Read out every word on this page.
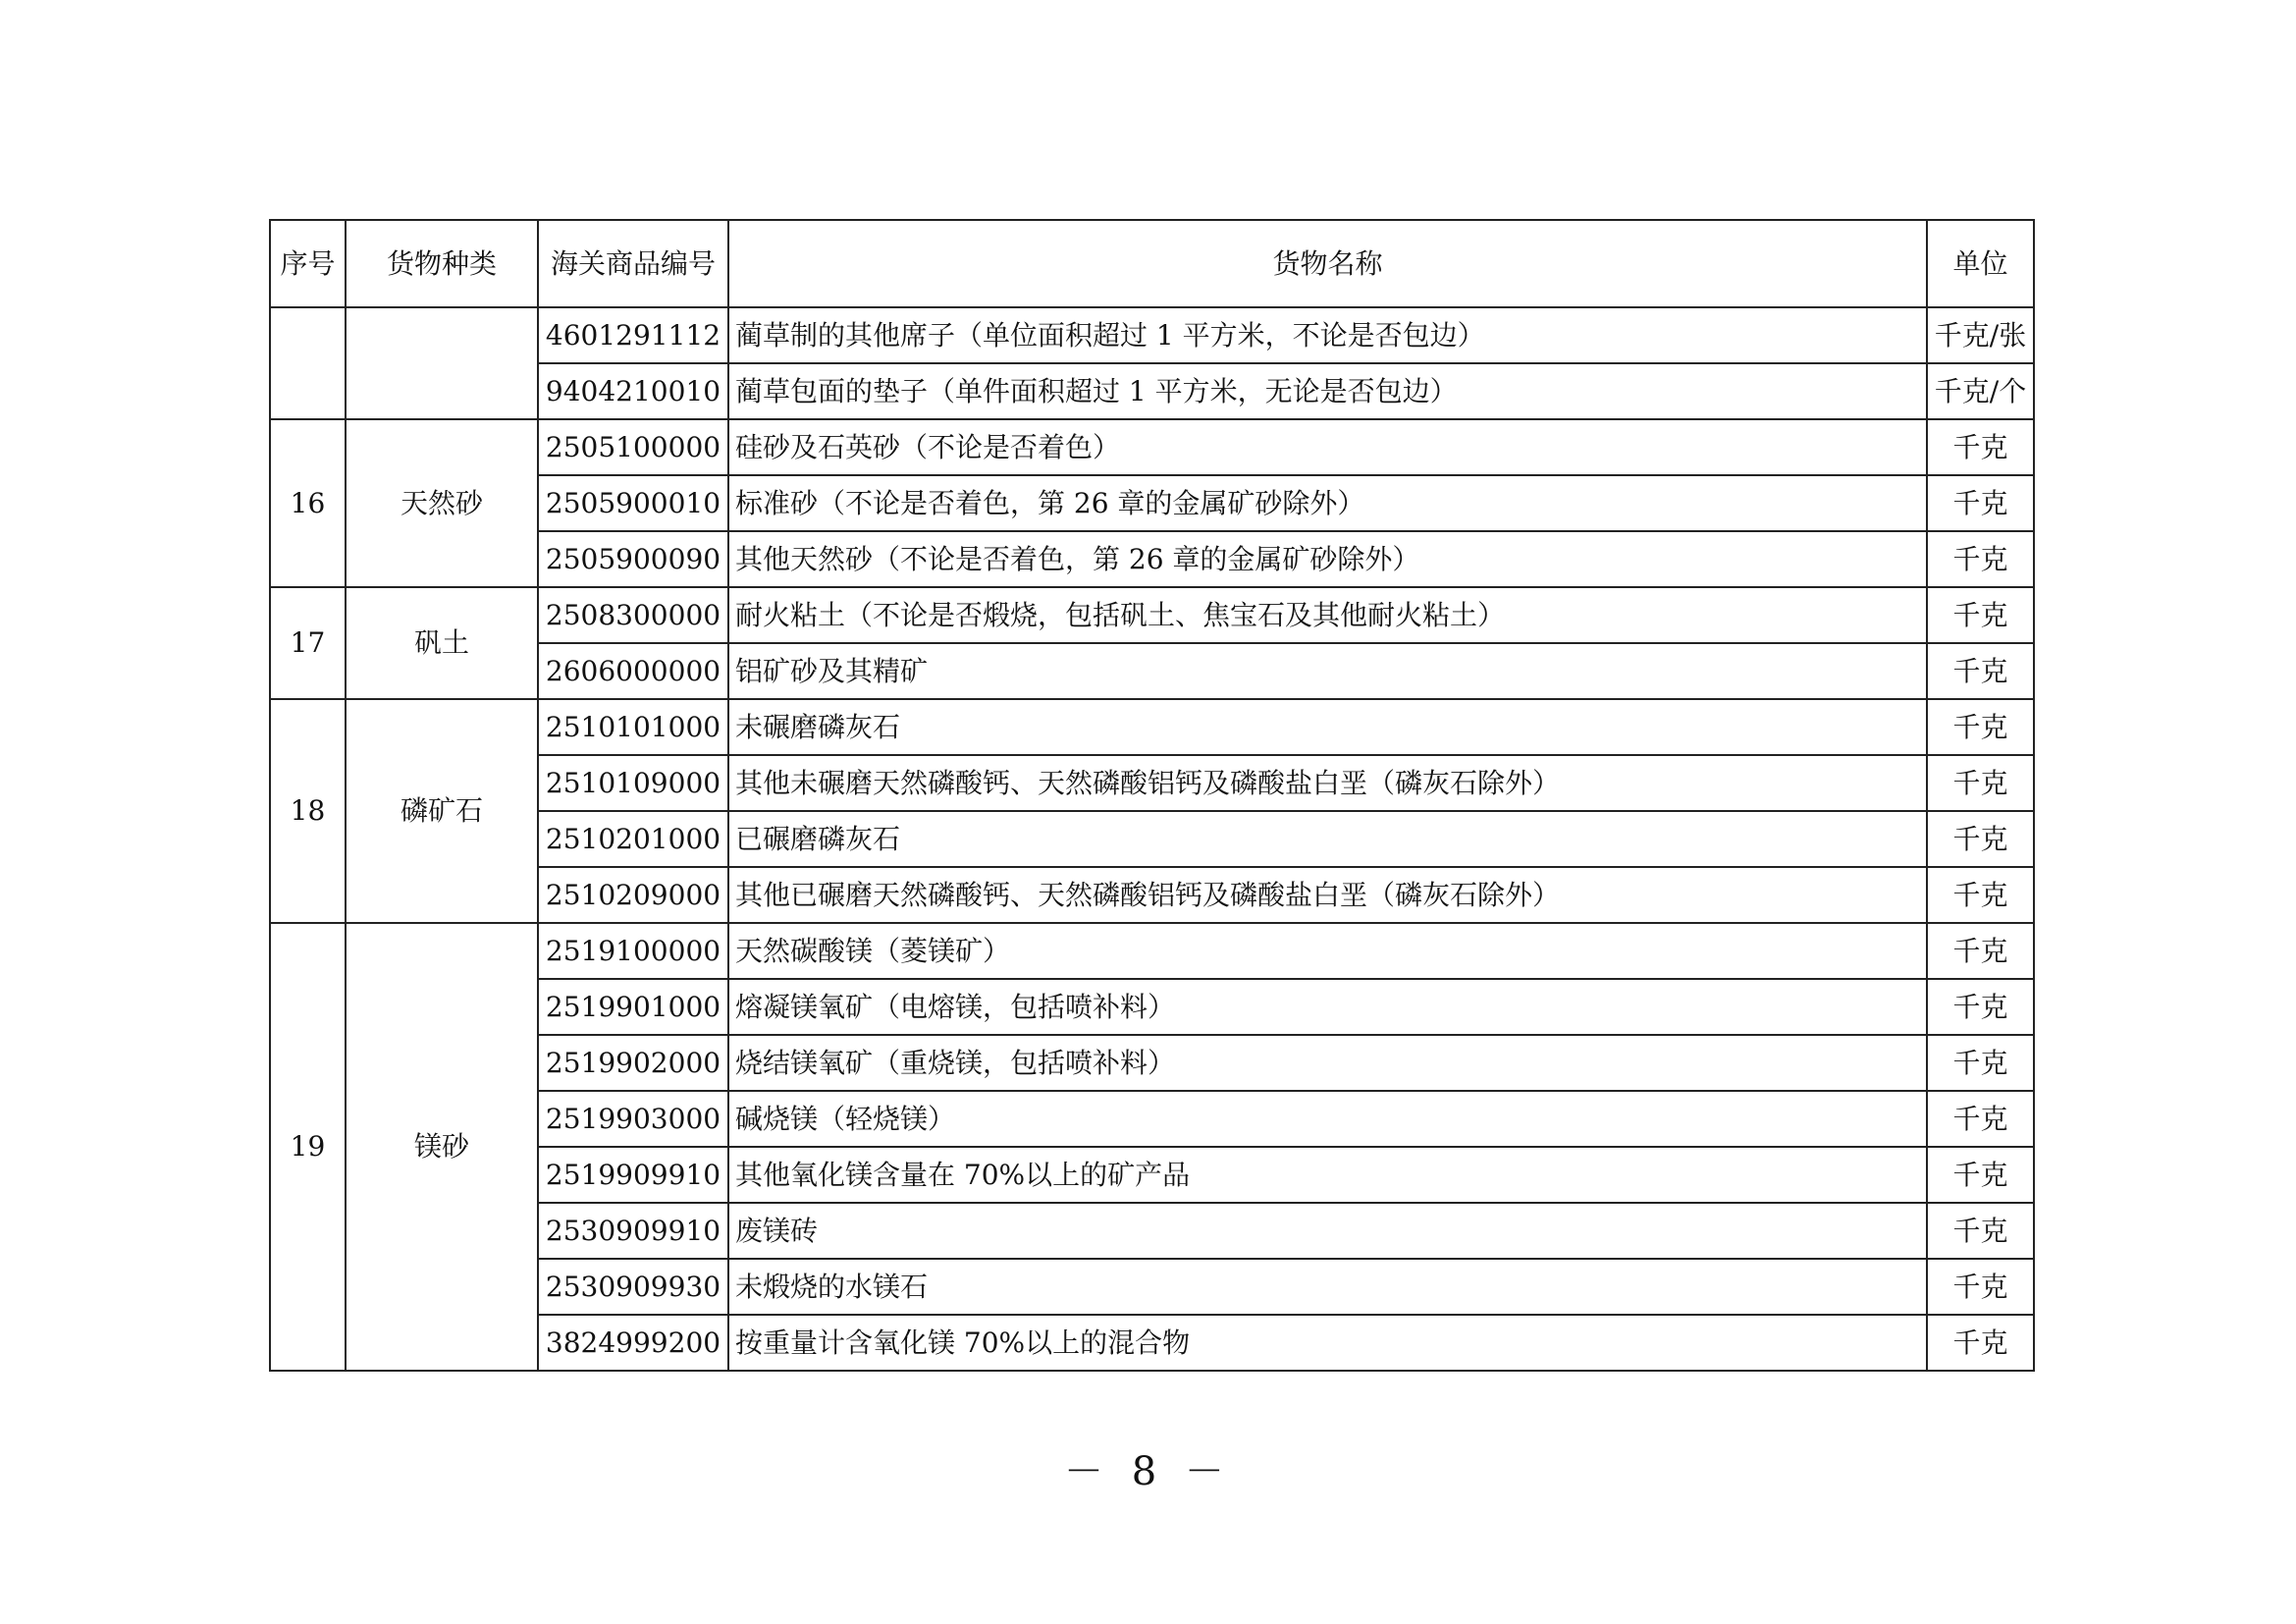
序号	货物种类	海关商品编号	货物名称	单位
		4601291112	蔺草制的其他席子（单位面积超过 1 平方米，不论是否包边）	千克/张
		9404210010	蔺草包面的垫子（单件面积超过 1 平方米，无论是否包边）	千克/个
16	天然砂	2505100000	硅砂及石英砂（不论是否着色）	千克
		2505900010	标准砂（不论是否着色，第 26 章的金属矿砂除外）	千克
		2505900090	其他天然砂（不论是否着色，第 26 章的金属矿砂除外）	千克
17	矾土	2508300000	耐火粘土（不论是否煅烧，包括矾土、焦宝石及其他耐火粘土）	千克
		2606000000	铝矿砂及其精矿	千克
18	磷矿石	2510101000	未碾磨磷灰石	千克
		2510109000	其他未碾磨天然磷酸钙、天然磷酸铝钙及磷酸盐白垩（磷灰石除外）	千克
		2510201000	已碾磨磷灰石	千克
		2510209000	其他已碾磨天然磷酸钙、天然磷酸铝钙及磷酸盐白垩（磷灰石除外）	千克
19	镁砂	2519100000	天然碳酸镁（菱镁矿）	千克
		2519901000	熔凝镁氧矿（电熔镁，包括喷补料）	千克
		2519902000	烧结镁氧矿（重烧镁，包括喷补料）	千克
		2519903000	碱烧镁（轻烧镁）	千克
		2519909910	其他氧化镁含量在 70%以上的矿产品	千克
		2530909910	废镁砖	千克
		2530909930	未煅烧的水镁石	千克
		3824999200	按重量计含氧化镁 70%以上的混合物	千克
－ 8 －
